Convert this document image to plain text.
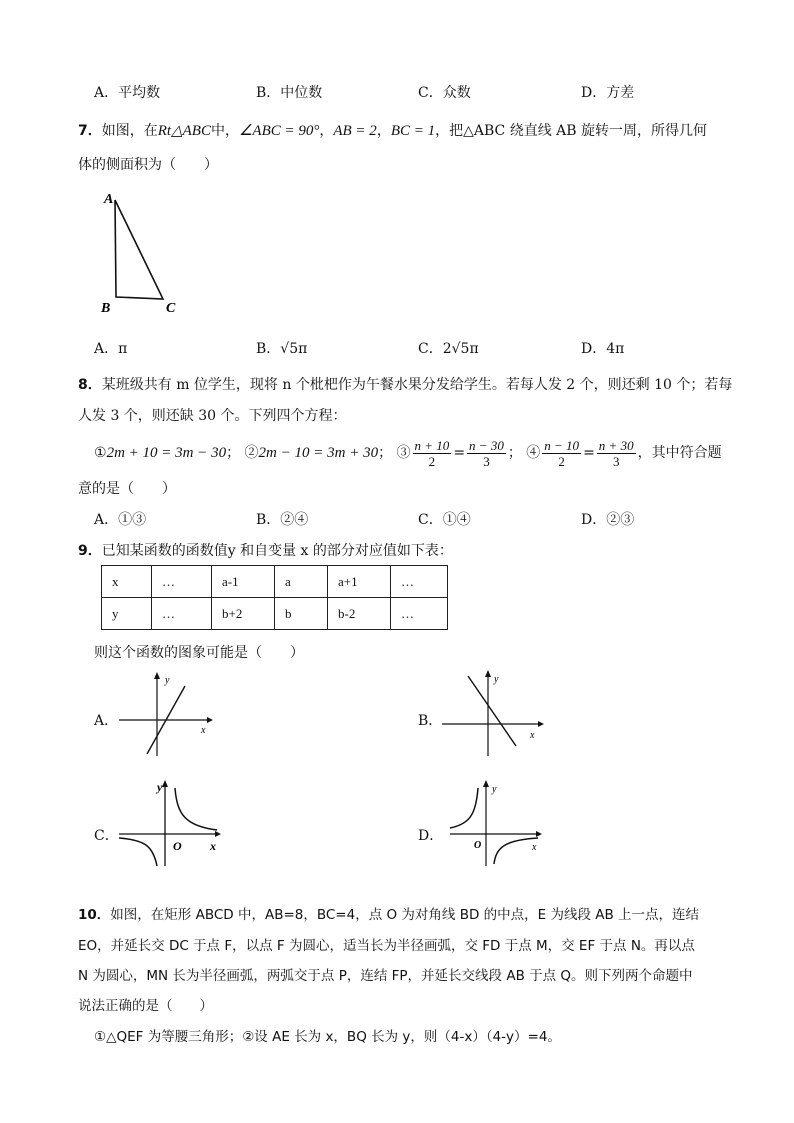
A．平均数	B．中位数	C．众数	D．方差
7．如图，在Rt△ABC中，∠ABC = 90°，AB = 2，BC = 1，把△ABC 绕直线 AB 旋转一周，所得几何
体的侧面积为（　　）
A
B	C
A．π	B．√5π	C．2√5π	D．4π
8．某班级共有 m 位学生，现将 n 个枇杷作为午餐水果分发给学生。若每人发 2 个，则还剩 10 个；若每
人发 3 个，则还缺 30 个。下列四个方程：
①2m + 10 = 3m − 30； ②2m − 10 = 3m + 30； ③ $\frac{n + 10}{2} = \frac{n - 30}{3}$ ； ④ $\frac{n - 10}{2} = \frac{n + 30}{3}$ ，其中符合题
意的是（　　）
A．①③	B．②④	C．①④	D．②③
9．已知某函数的函数值y 和自变量 x 的部分对应值如下表：
x	…	a-1	a	a+1	…
y	…	b+2	b	b-2	…
则这个函数的图象可能是（　　）
A．	B．
C．	D．
y
x
y
x
y
O x
y
O	x
10．如图，在矩形 ABCD 中，AB=8，BC=4，点 O 为对角线 BD 的中点，E 为线段 AB 上一点，连结
EO，并延长交 DC 于点 F，以点 F 为圆心，适当长为半径画弧，交 FD 于点 M，交 EF 于点 N。再以点
N 为圆心，MN 长为半径画弧，两弧交于点 P，连结 FP，并延长交线段 AB 于点 Q。则下列两个命题中
说法正确的是（　　）
①△QEF 为等腰三角形；②设 AE 长为 x，BQ 长为 y，则（4-x）（4-y）=4。
